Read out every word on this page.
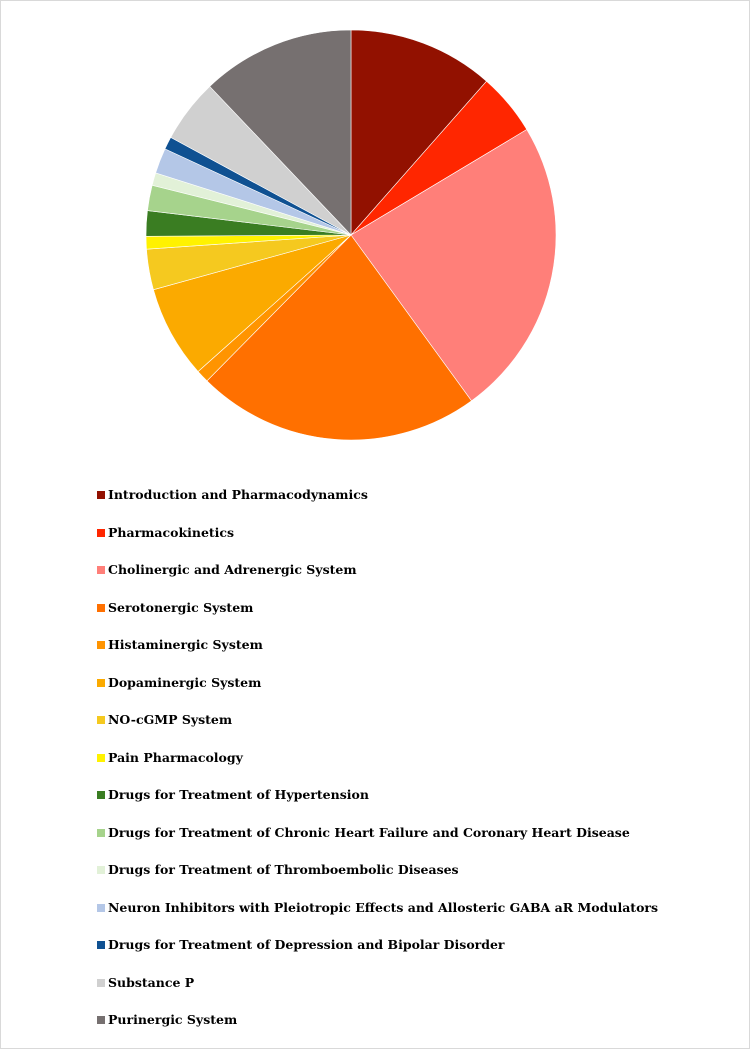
Introduction and Pharmacodynamics
Pharmacokinetics
Cholinergic and Adrenergic System
Serotonergic System
Histaminergic System
Dopaminergic System
NO-cGMP System
Pain Pharmacology
Drugs for Treatment of Hypertension
Drugs for Treatment of Chronic Heart Failure and Coronary Heart Disease
Drugs for Treatment of Thromboembolic Diseases
Neuron Inhibitors with Pleiotropic Effects and Allosteric GABA aR Modulators
Drugs for Treatment of Depression and Bipolar Disorder
Substance P
Purinergic System
